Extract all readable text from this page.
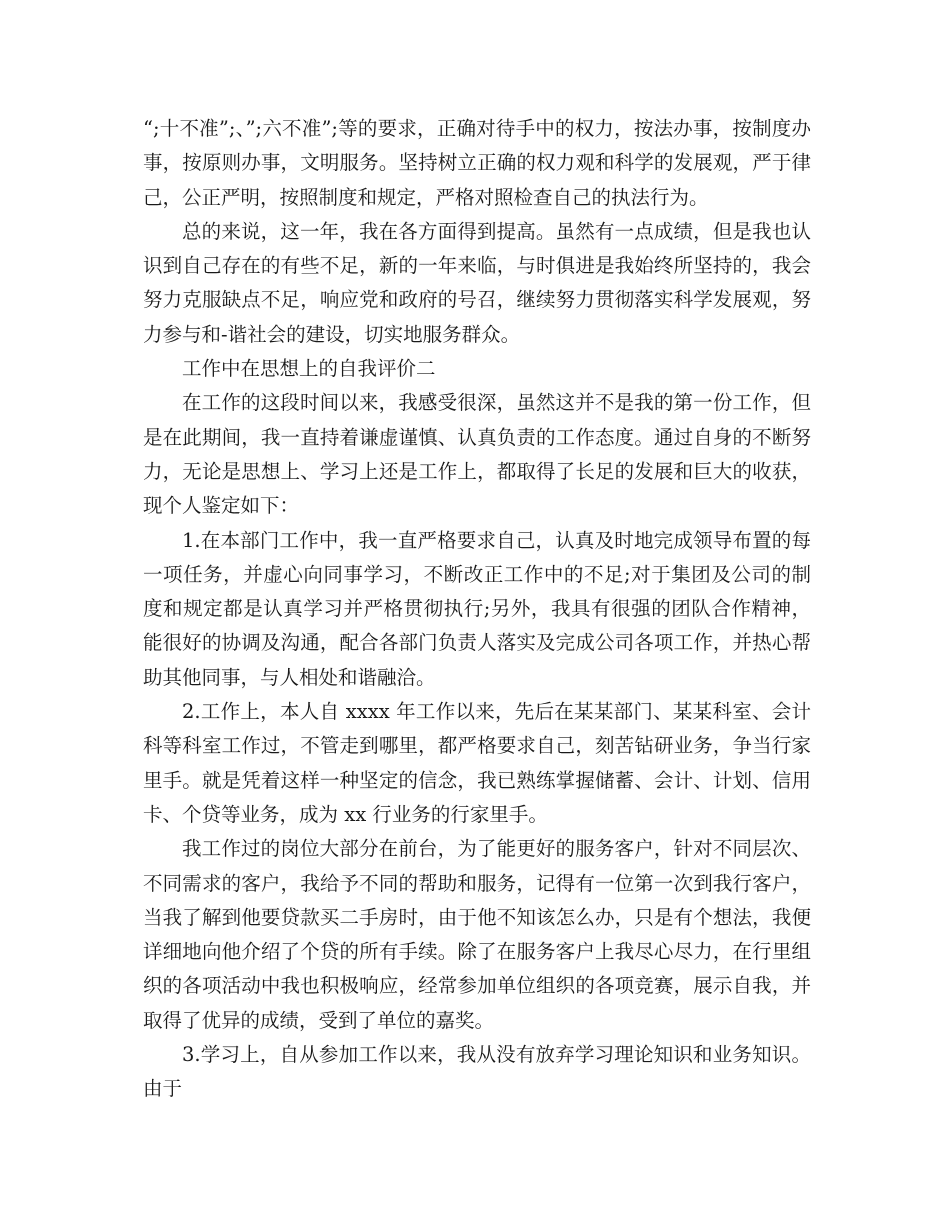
“;十不准”;、”;六不准”;等的要求，正确对待手中的权力，按法办事，按制度办事，按原则办事，文明服务。坚持树立正确的权力观和科学的发展观，严于律己，公正严明，按照制度和规定，严格对照检查自己的执法行为。

总的来说，这一年，我在各方面得到提高。虽然有一点成绩，但是我也认识到自己存在的有些不足，新的一年来临，与时俱进是我始终所坚持的，我会努力克服缺点不足，响应党和政府的号召，继续努力贯彻落实科学发展观，努力参与和-谐社会的建设，切实地服务群众。

工作中在思想上的自我评价二

在工作的这段时间以来，我感受很深，虽然这并不是我的第一份工作，但是在此期间，我一直持着谦虚谨慎、认真负责的工作态度。通过自身的不断努力，无论是思想上、学习上还是工作上，都取得了长足的发展和巨大的收获，现个人鉴定如下：

1.在本部门工作中，我一直严格要求自己，认真及时地完成领导布置的每一项任务，并虚心向同事学习，不断改正工作中的不足;对于集团及公司的制度和规定都是认真学习并严格贯彻执行;另外，我具有很强的团队合作精神，能很好的协调及沟通，配合各部门负责人落实及完成公司各项工作，并热心帮助其他同事，与人相处和谐融洽。

2.工作上，本人自 xxxx 年工作以来，先后在某某部门、某某科室、会计科等科室工作过，不管走到哪里，都严格要求自己，刻苦钻研业务，争当行家里手。就是凭着这样一种坚定的信念，我已熟练掌握储蓄、会计、计划、信用卡、个贷等业务，成为 xx 行业务的行家里手。

我工作过的岗位大部分在前台，为了能更好的服务客户，针对不同层次、不同需求的客户，我给予不同的帮助和服务，记得有一位第一次到我行客户，当我了解到他要贷款买二手房时，由于他不知该怎么办，只是有个想法，我便详细地向他介绍了个贷的所有手续。除了在服务客户上我尽心尽力，在行里组织的各项活动中我也积极响应，经常参加单位组织的各项竞赛，展示自我，并取得了优异的成绩，受到了单位的嘉奖。

3.学习上，自从参加工作以来，我从没有放弃学习理论知识和业务知识。由于
